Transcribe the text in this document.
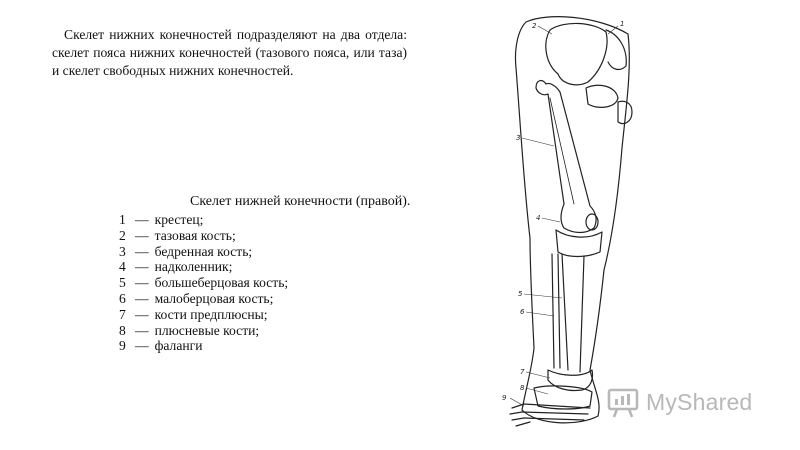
Скелет нижних конечностей подразделяют на два отдела: скелет пояса нижних конечностей (тазового пояса, или таза) и скелет свободных нижних конечностей.

Скелет нижней конечности (правой).

1 — крестец;
2 — тазовая кость;
3 — бедренная кость;
4 — надколенник;
5 — большеберцовая кость;
6 — малоберцовая кость;
7 — кости предплюсны;
8 — плюсневые кости;
9 — фаланги
2	1
3
4
5
6
7
8
9	MyShared
